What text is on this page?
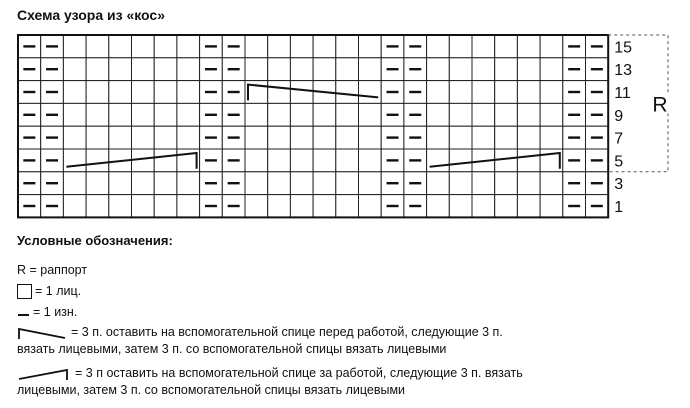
Схема узора из «кос»
15
13
11
9
7
5
3
1
R
Условные обозначения:
R = раппорт
= 1 лиц.
= 1 изн.
= 3 п. оставить на вспомогательной спице перед работой, следующие 3 п.
вязать лицевыми, затем 3 п. со вспомогательной спицы вязать лицевыми
= 3 п оставить на вспомогательной спице за работой, следующие 3 п. вязать
лицевыми, затем 3 п. со вспомогательной спицы вязать лицевыми
